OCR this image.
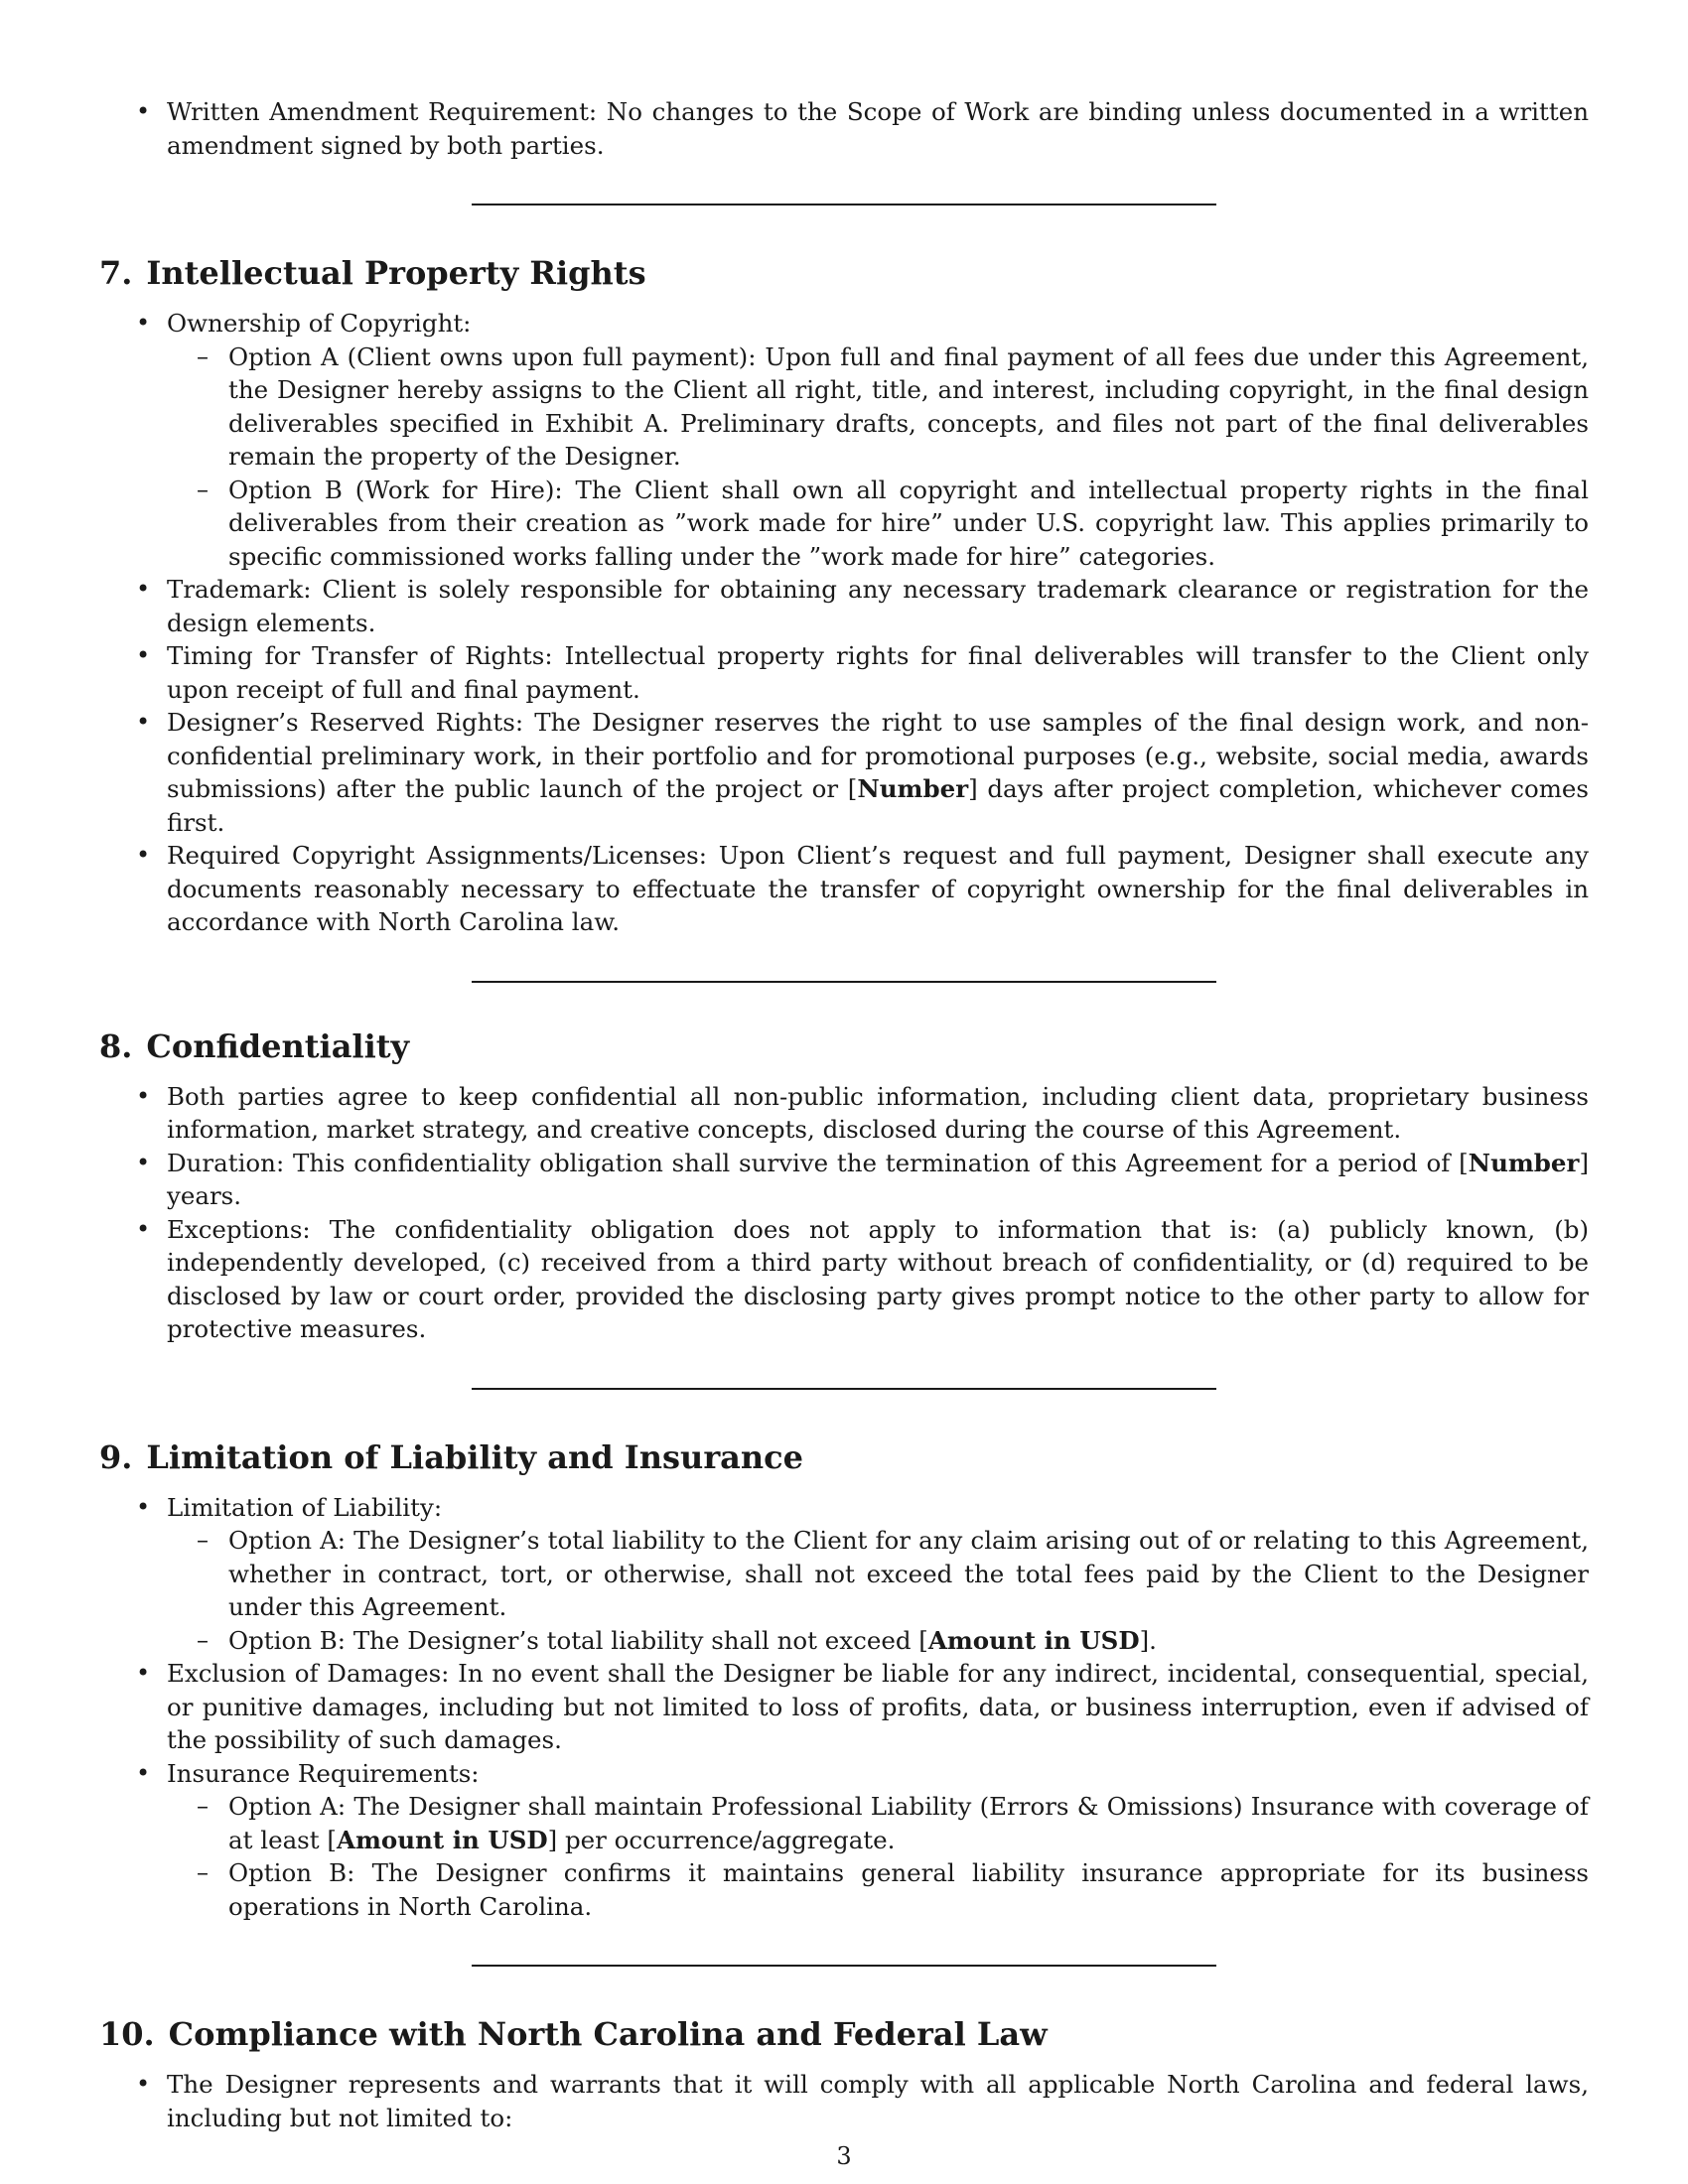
• Written Amendment Requirement: No changes to the Scope of Work are binding unless documented in a written amendment signed by both parties.
7. Intellectual Property Rights
• Ownership of Copyright:
– Option A (Client owns upon full payment): Upon full and final payment of all fees due under this Agreement, the Designer hereby assigns to the Client all right, title, and interest, including copyright, in the final design deliverables specified in Exhibit A. Preliminary drafts, concepts, and files not part of the final deliverables remain the property of the Designer.
– Option B (Work for Hire): The Client shall own all copyright and intellectual property rights in the final deliverables from their creation as ”work made for hire” under U.S. copyright law. This applies primarily to specific commissioned works falling under the ”work made for hire” categories.
• Trademark: Client is solely responsible for obtaining any necessary trademark clearance or registration for the design elements.
• Timing for Transfer of Rights: Intellectual property rights for final deliverables will transfer to the Client only upon receipt of full and final payment.
• Designer’s Reserved Rights: The Designer reserves the right to use samples of the final design work, and non-confidential preliminary work, in their portfolio and for promotional purposes (e.g., website, social media, awards submissions) after the public launch of the project or [Number] days after project completion, whichever comes first.
• Required Copyright Assignments/Licenses: Upon Client’s request and full payment, Designer shall execute any documents reasonably necessary to effectuate the transfer of copyright ownership for the final deliverables in accordance with North Carolina law.
8. Confidentiality
• Both parties agree to keep confidential all non-public information, including client data, proprietary business information, market strategy, and creative concepts, disclosed during the course of this Agreement.
• Duration: This confidentiality obligation shall survive the termination of this Agreement for a period of [Number] years.
• Exceptions: The confidentiality obligation does not apply to information that is: (a) publicly known, (b) independently developed, (c) received from a third party without breach of confidentiality, or (d) required to be disclosed by law or court order, provided the disclosing party gives prompt notice to the other party to allow for protective measures.
9. Limitation of Liability and Insurance
• Limitation of Liability:
– Option A: The Designer’s total liability to the Client for any claim arising out of or relating to this Agreement, whether in contract, tort, or otherwise, shall not exceed the total fees paid by the Client to the Designer under this Agreement.
– Option B: The Designer’s total liability shall not exceed [Amount in USD].
• Exclusion of Damages: In no event shall the Designer be liable for any indirect, incidental, consequential, special, or punitive damages, including but not limited to loss of profits, data, or business interruption, even if advised of the possibility of such damages.
• Insurance Requirements:
– Option A: The Designer shall maintain Professional Liability (Errors & Omissions) Insurance with coverage of at least [Amount in USD] per occurrence/aggregate.
– Option B: The Designer confirms it maintains general liability insurance appropriate for its business operations in North Carolina.
10. Compliance with North Carolina and Federal Law
• The Designer represents and warrants that it will comply with all applicable North Carolina and federal laws, including but not limited to:
3
